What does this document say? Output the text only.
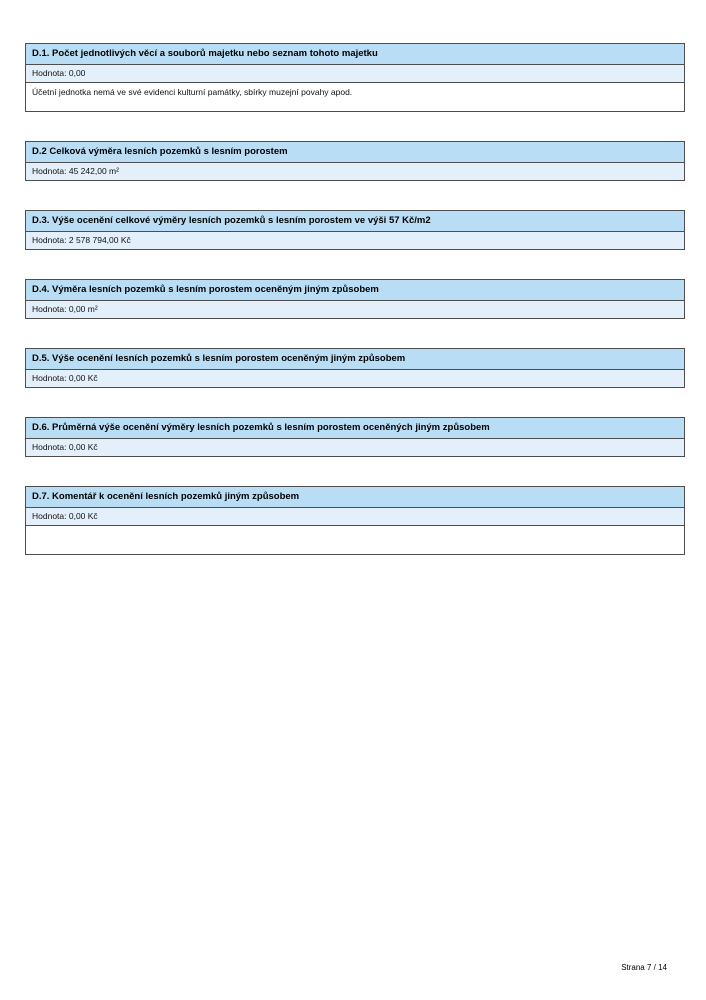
D.1. Počet jednotlivých věcí a souborů majetku nebo seznam tohoto majetku
Hodnota: 0,00
Účetní jednotka nemá ve své evidenci kulturní památky, sbírky muzejní povahy apod.
D.2 Celková výměra lesních pozemků s lesním porostem
Hodnota: 45 242,00 m²
D.3. Výše ocenění celkové výměry lesních pozemků s lesním porostem ve výši 57 Kč/m2
Hodnota: 2 578 794,00 Kč
D.4. Výměra lesních pozemků s lesním porostem oceněným jiným způsobem
Hodnota: 0,00 m²
D.5. Výše ocenění lesních pozemků s lesním porostem oceněným jiným způsobem
Hodnota: 0,00 Kč
D.6. Průměrná výše ocenění výměry lesních pozemků s lesním porostem oceněných jiným způsobem
Hodnota: 0,00 Kč
D.7. Komentář k ocenění lesních pozemků jiným způsobem
Hodnota: 0,00 Kč
Strana 7 / 14
